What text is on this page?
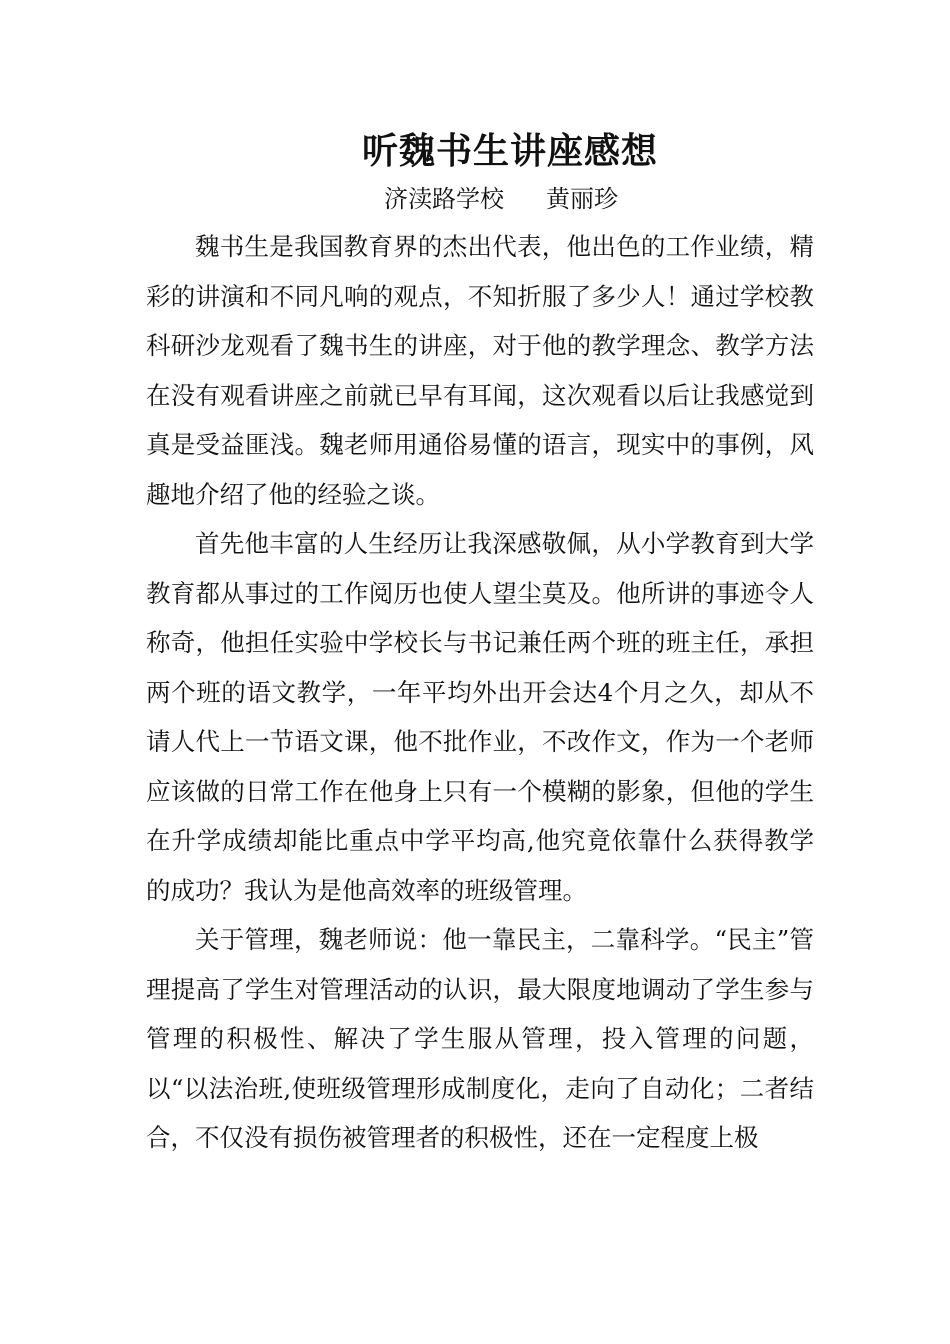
听魏书生讲座感想
济渎路学校 黄丽珍

魏书生是我国教育界的杰出代表，他出色的工作业绩，精彩的讲演和不同凡响的观点，不知折服了多少人！通过学校教科研沙龙观看了魏书生的讲座，对于他的教学理念、教学方法在没有观看讲座之前就已早有耳闻，这次观看以后让我感觉到真是受益匪浅。魏老师用通俗易懂的语言，现实中的事例，风趣地介绍了他的经验之谈。

首先他丰富的人生经历让我深感敬佩，从小学教育到大学教育都从事过的工作阅历也使人望尘莫及。他所讲的事迹令人称奇，他担任实验中学校长与书记兼任两个班的班主任，承担两个班的语文教学，一年平均外出开会达4个月之久，却从不请人代上一节语文课，他不批作业，不改作文，作为一个老师应该做的日常工作在他身上只有一个模糊的影象，但他的学生在升学成绩却能比重点中学平均高,他究竟依靠什么获得教学的成功？我认为是他高效率的班级管理。

关于管理，魏老师说：他一靠民主，二靠科学。“民主”管理提高了学生对管理活动的认识，最大限度地调动了学生参与管理的积极性、解决了学生服从管理，投入管理的问题，以“以法治班,使班级管理形成制度化，走向了自动化；二者结合，不仅没有损伤被管理者的积极性，还在一定程度上极
